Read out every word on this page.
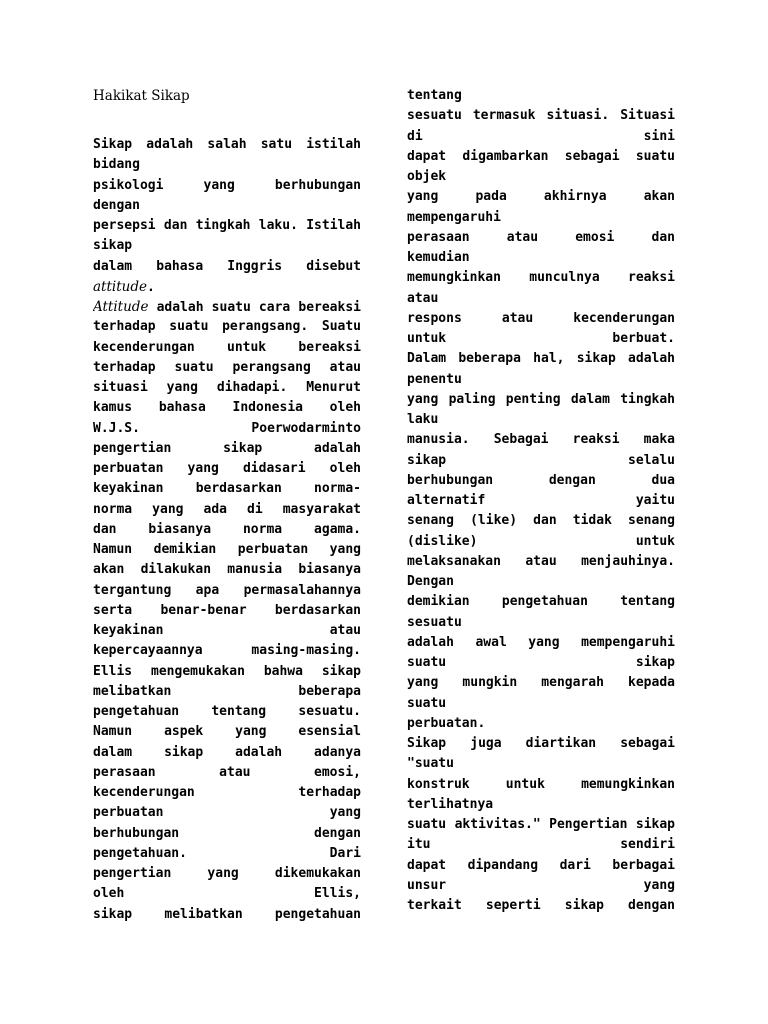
Hakikat Sikap
Sikap adalah salah satu istilah
bidang
psikologi yang berhubungan
dengan
persepsi dan tingkah laku. Istilah
sikap
dalam bahasa Inggris disebut
attitude.
Attitude adalah suatu cara bereaksi
terhadap suatu perangsang. Suatu
kecenderungan untuk bereaksi
terhadap suatu perangsang atau
situasi yang dihadapi. Menurut
kamus bahasa Indonesia oleh
W.J.S. Poerwodarminto
pengertian sikap adalah
perbuatan yang didasari oleh
keyakinan berdasarkan norma-
norma yang ada di masyarakat
dan biasanya norma agama.
Namun demikian perbuatan yang
akan dilakukan manusia biasanya
tergantung apa permasalahannya
serta benar-benar berdasarkan
keyakinan atau
kepercayaannya masing-masing.
Ellis mengemukakan bahwa sikap
melibatkan beberapa
pengetahuan tentang sesuatu.
Namun aspek yang esensial
dalam sikap adalah adanya
perasaan atau emosi,
kecenderungan terhadap
perbuatan yang
berhubungan dengan
pengetahuan. Dari
pengertian yang dikemukakan
oleh Ellis,
sikap melibatkan pengetahuan
tentang
sesuatu termasuk situasi. Situasi
di sini
dapat digambarkan sebagai suatu
objek
yang pada akhirnya akan
mempengaruhi
perasaan atau emosi dan
kemudian
memungkinkan munculnya reaksi
atau
respons atau kecenderungan
untuk berbuat.
Dalam beberapa hal, sikap adalah
penentu
yang paling penting dalam tingkah
laku
manusia. Sebagai reaksi maka
sikap selalu
berhubungan dengan dua
alternatif yaitu
senang (like) dan tidak senang
(dislike) untuk
melaksanakan atau menjauhinya.
Dengan
demikian pengetahuan tentang
sesuatu
adalah awal yang mempengaruhi
suatu sikap
yang mungkin mengarah kepada
suatu
perbuatan.
Sikap juga diartikan sebagai
"suatu
konstruk untuk memungkinkan
terlihatnya
suatu aktivitas." Pengertian sikap
itu sendiri
dapat dipandang dari berbagai
unsur yang
terkait seperti sikap dengan
